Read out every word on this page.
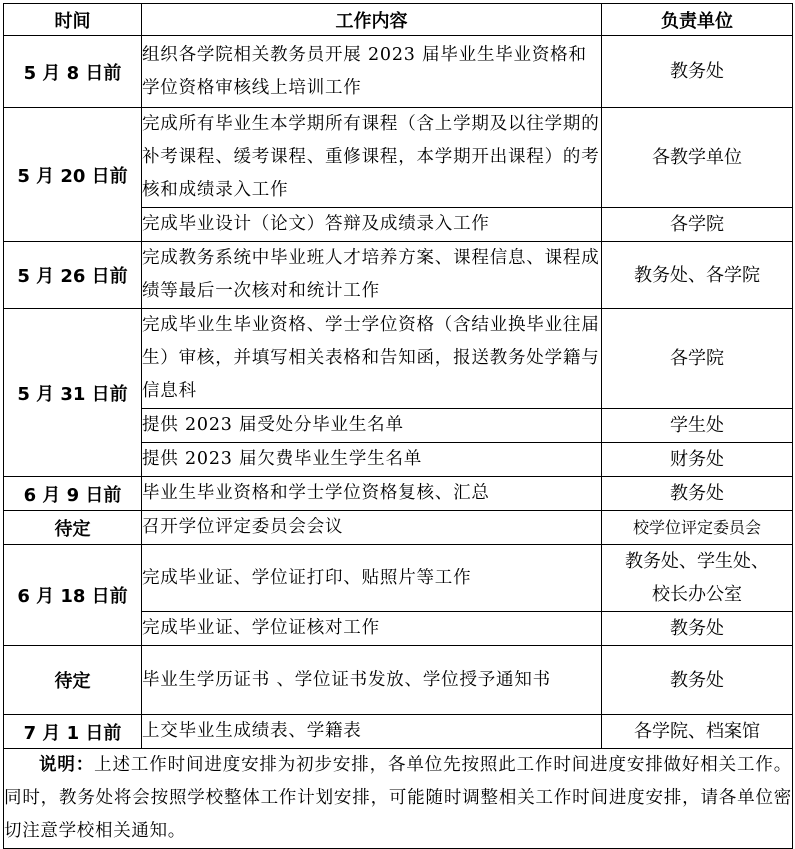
时间	工作内容	负责单位
5 月 8 日前	组织各学院相关教务员开展 2023 届毕业生毕业资格和学位资格审核线上培训工作	教务处
5 月 20 日前	完成所有毕业生本学期所有课程（含上学期及以往学期的补考课程、缓考课程、重修课程，本学期开出课程）的考核和成绩录入工作	各教学单位
	完成毕业设计（论文）答辩及成绩录入工作	各学院
5 月 26 日前	完成教务系统中毕业班人才培养方案、课程信息、课程成绩等最后一次核对和统计工作	教务处、各学院
5 月 31 日前	完成毕业生毕业资格、学士学位资格（含结业换毕业往届生）审核，并填写相关表格和告知函，报送教务处学籍与信息科	各学院
	提供 2023 届受处分毕业生名单	学生处
	提供 2023 届欠费毕业生学生名单	财务处
6 月 9 日前	毕业生毕业资格和学士学位资格复核、汇总	教务处
待定	召开学位评定委员会会议	校学位评定委员会
6 月 18 日前	完成毕业证、学位证打印、贴照片等工作	教务处、学生处、
校长办公室

	完成毕业证、学位证核对工作	教务处
待定	毕业生学历证书 、学位证书发放、学位授予通知书	教务处
7 月 1 日前	上交毕业生成绩表、学籍表	各学院、档案馆
说明：上述工作时间进度安排为初步安排，各单位先按照此工作时间进度安排做好相关工作。同时，教务处将会按照学校整体工作计划安排，可能随时调整相关工作时间进度安排，请各单位密切注意学校相关通知。		
